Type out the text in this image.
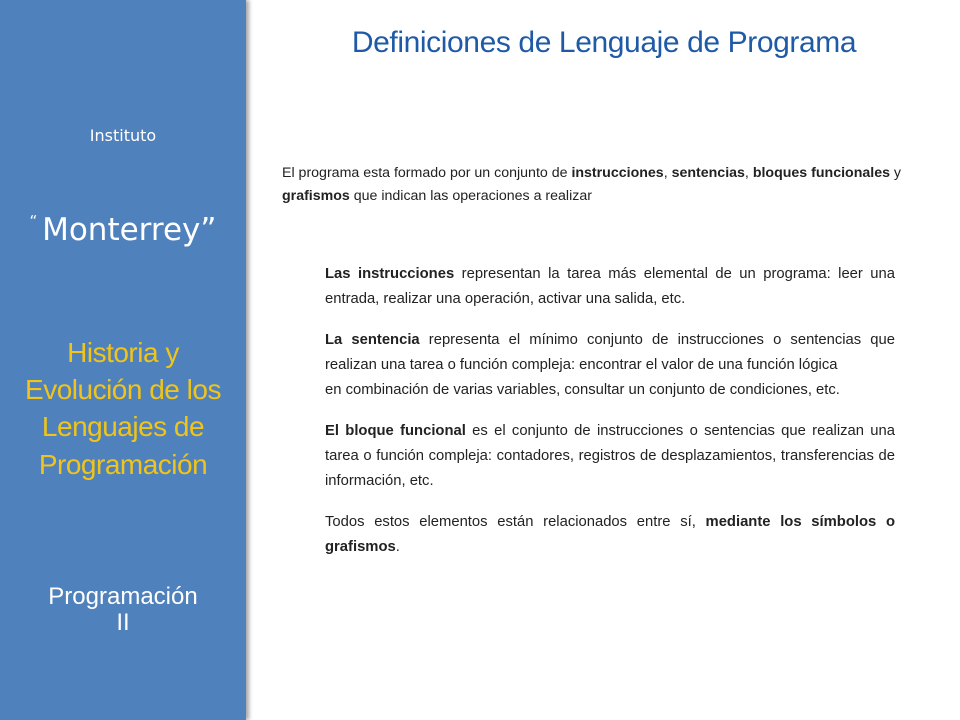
Instituto
“ Monterrey”
Historia y
Evolución de los
Lenguajes de
Programación
Programación
II
Definiciones de Lenguaje de Programa
El programa esta formado por un conjunto de instrucciones, sentencias, bloques funcionales y grafismos que indican las operaciones a realizar

Las instrucciones representan la tarea más elemental de un programa: leer una entrada, realizar una operación, activar una salida, etc.

La sentencia representa el mínimo conjunto de instrucciones o sentencias que realizan una tarea o función compleja: encontrar el valor de una función lógica

en combinación de varias variables, consultar un conjunto de condiciones, etc.

El bloque funcional es el conjunto de instrucciones o sentencias que realizan una tarea o función compleja: contadores, registros de desplazamientos, transferencias de información, etc.

Todos estos elementos están relacionados entre sí, mediante los símbolos o grafismos.
